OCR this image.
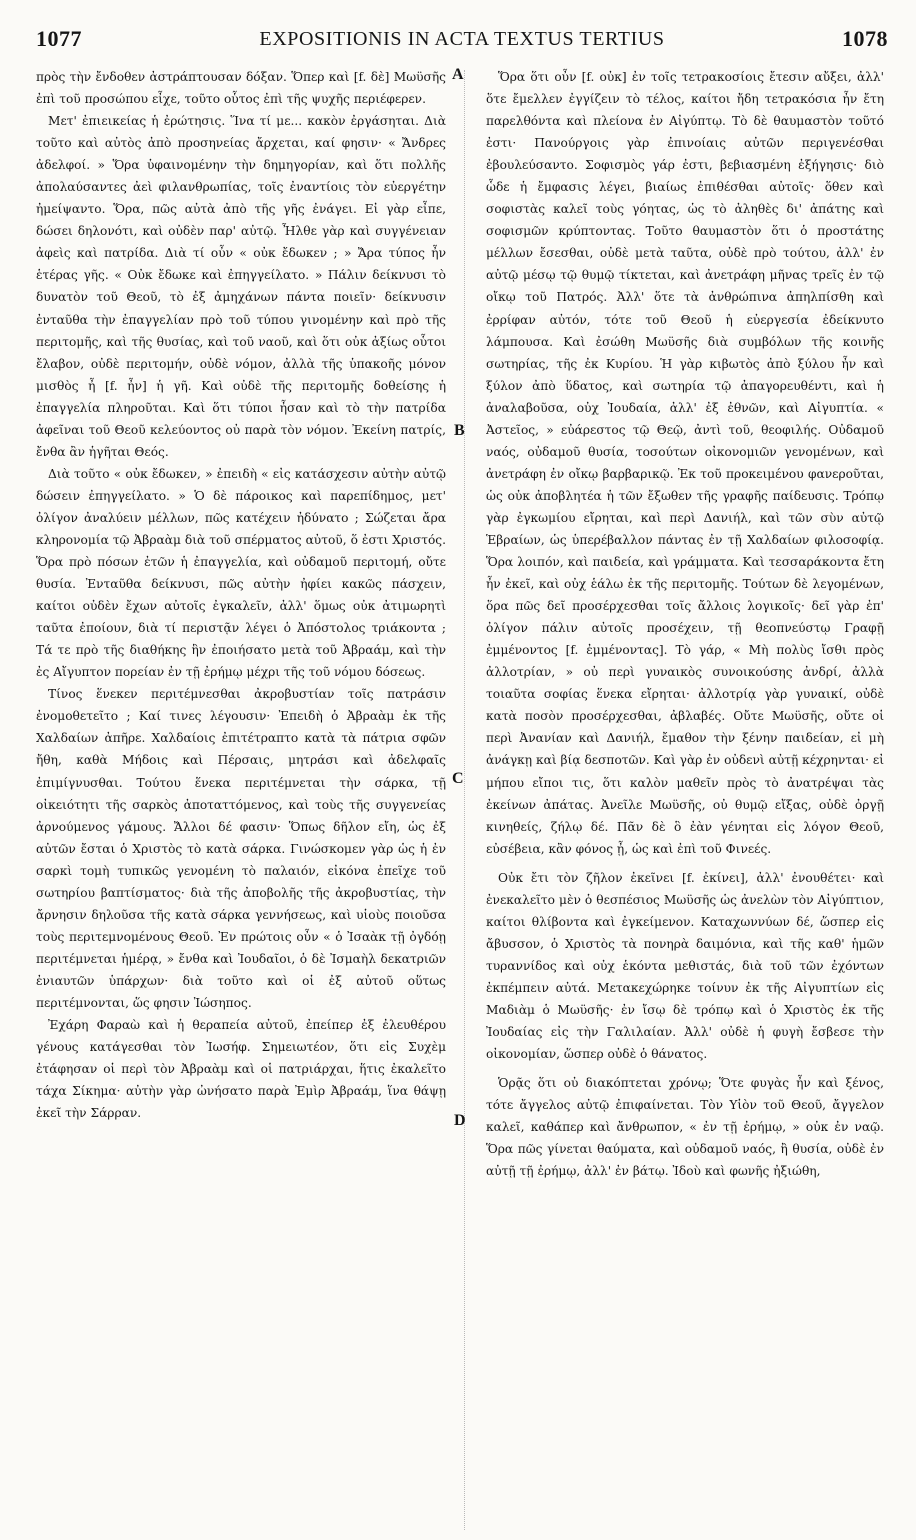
1077	EXPOSITIONIS IN ACTA TEXTUS TERTIUS	1078
A
B
C
D

πρὸς τὴν ἔνδοθεν ἀστράπτουσαν δόξαν. Ὅπερ καὶ [f. δὲ] Μωϋσῆς ἐπὶ τοῦ προσώπου εἶχε, τοῦτο οὗτος ἐπὶ τῆς ψυχῆς περιέφερεν.

Μετ' ἐπιεικείας ἡ ἐρώτησις. Ἵνα τί με... κακὸν ἐργάσηται. Διὰ τοῦτο καὶ αὐτὸς ἀπὸ προσηνείας ἄρχεται, καί φησιν· « Ἄνδρες ἀδελφοί. » Ὅρα ὑφαινομένην τὴν δημηγορίαν, καὶ ὅτι πολλῆς ἀπολαύσαντες ἀεὶ φιλανθρωπίας, τοῖς ἐναντίοις τὸν εὐεργέτην ἠμείψαντο. Ὅρα, πῶς αὐτὰ ἀπὸ τῆς γῆς ἐνάγει. Εἰ γὰρ εἶπε, δώσει δηλονότι, καὶ οὐδὲν παρ' αὐτῷ. Ἦλθε γὰρ καὶ συγγένειαν ἀφεὶς καὶ πατρίδα. Διὰ τί οὖν « οὐκ ἔδωκεν ; » Ἄρα τύπος ἦν ἑτέρας γῆς. « Οὐκ ἔδωκε καὶ ἐπηγγείλατο. » Πάλιν δείκνυσι τὸ δυνατὸν τοῦ Θεοῦ, τὸ ἐξ ἀμηχάνων πάντα ποιεῖν· δείκνυσιν ἐνταῦθα τὴν ἐπαγγελίαν πρὸ τοῦ τύπου γινομένην καὶ πρὸ τῆς περιτομῆς, καὶ τῆς θυσίας, καὶ τοῦ ναοῦ, καὶ ὅτι οὐκ ἀξίως οὗτοι ἔλαβον, οὐδὲ περιτομήν, οὐδὲ νόμον, ἀλλὰ τῆς ὑπακοῆς μόνον μισθὸς ἦ [f. ἦν] ἡ γῆ. Καὶ οὐδὲ τῆς περιτομῆς δοθείσης ἡ ἐπαγγελία πληροῦται. Καὶ ὅτι τύποι ἦσαν καὶ τὸ τὴν πατρίδα ἀφεῖναι τοῦ Θεοῦ κελεύοντος οὐ παρὰ τὸν νόμον. Ἐκείνη πατρίς, ἔνθα ἂν ἡγῆται Θεός.

Διὰ τοῦτο « οὐκ ἔδωκεν, » ἐπειδὴ « εἰς κατάσχεσιν αὐτὴν αὐτῷ δώσειν ἐπηγγείλατο. » Ὁ δὲ πάροικος καὶ παρεπίδημος, μετ' ὀλίγον ἀναλύειν μέλλων, πῶς κατέχειν ἠδύνατο ; Σώζεται ἄρα κληρονομία τῷ Ἀβραὰμ διὰ τοῦ σπέρματος αὐτοῦ, ὅ ἐστι Χριστός. Ὅρα πρὸ πόσων ἐτῶν ἡ ἐπαγγελία, καὶ οὐδαμοῦ περιτομή, οὔτε θυσία. Ἐνταῦθα δείκνυσι, πῶς αὐτὴν ἠφίει κακῶς πάσχειν, καίτοι οὐδὲν ἔχων αὐτοῖς ἐγκαλεῖν, ἀλλ' ὅμως οὐκ ἀτιμωρητὶ ταῦτα ἐποίουν, διὰ τί περιστᾷν λέγει ὁ Ἀπόστολος τριάκοντα ; Τά τε πρὸ τῆς διαθήκης ἣν ἐποιήσατο μετὰ τοῦ Ἀβραάμ, καὶ τὴν ἐς Αἴγυπτον πορείαν ἐν τῇ ἐρήμῳ μέχρι τῆς τοῦ νόμου δόσεως.

Τίνος ἕνεκεν περιτέμνεσθαι ἀκροβυστίαν τοῖς πατράσιν ἐνομοθετεῖτο ; Καί τινες λέγουσιν· Ἐπειδὴ ὁ Ἀβραὰμ ἐκ τῆς Χαλδαίων ἀπῆρε. Χαλδαίοις ἐπιτέτραπτο κατὰ τὰ πάτρια σφῶν ἤθη, καθὰ Μήδοις καὶ Πέρσαις, μητράσι καὶ ἀδελφαῖς ἐπιμίγνυσθαι. Τούτου ἕνεκα περιτέμνεται τὴν σάρκα, τῇ οἰκειότητι τῆς σαρκὸς ἀποταττόμενος, καὶ τοὺς τῆς συγγενείας ἀρνούμενος γάμους. Ἄλλοι δέ φασιν· Ὅπως δῆλον εἴη, ὡς ἐξ αὐτῶν ἔσται ὁ Χριστὸς τὸ κατὰ σάρκα. Γινώσκομεν γὰρ ὡς ἡ ἐν σαρκὶ τομὴ τυπικῶς γενομένη τὸ παλαιόν, εἰκόνα ἐπεῖχε τοῦ σωτηρίου βαπτίσματος· διὰ τῆς ἀποβολῆς τῆς ἀκροβυστίας, τὴν ἄρνησιν δηλοῦσα τῆς κατὰ σάρκα γεννήσεως, καὶ υἱοὺς ποιοῦσα τοὺς περιτεμνομένους Θεοῦ. Ἐν πρώτοις οὖν « ὁ Ἰσαὰκ τῇ ὀγδόῃ περιτέμνεται ἡμέρᾳ, » ἔνθα καὶ Ἰουδαῖοι, ὁ δὲ Ἰσμαὴλ δεκατριῶν ἐνιαυτῶν ὑπάρχων· διὰ τοῦτο καὶ οἱ ἐξ αὐτοῦ οὕτως περιτέμνονται, ὥς φησιν Ἰώσηπος.

Ἐχάρη Φαραὼ καὶ ἡ θεραπεία αὐτοῦ, ἐπείπερ ἐξ ἐλευθέρου γένους κατάγεσθαι τὸν Ἰωσήφ. Σημειωτέον, ὅτι εἰς Συχὲμ ἐτάφησαν οἱ περὶ τὸν Ἀβραὰμ καὶ οἱ πατριάρχαι, ἥτις ἐκαλεῖτο τάχα Σίκημα· αὐτὴν γὰρ ὠνήσατο παρὰ Ἐμὶρ Ἀβραάμ, ἵνα θάψῃ ἐκεῖ τὴν Σάρραν.

Ὅρα ὅτι οὖν [f. οὐκ] ἐν τοῖς τετρακοσίοις ἔτεσιν αὔξει, ἀλλ' ὅτε ἔμελλεν ἐγγίζειν τὸ τέλος, καίτοι ἤδη τετρακόσια ἦν ἔτη παρελθόντα καὶ πλείονα ἐν Αἰγύπτῳ. Τὸ δὲ θαυμαστὸν τοῦτό ἐστι· Πανούργοις γὰρ ἐπινοίαις αὐτῶν περιγενέσθαι ἐβουλεύσαντο. Σοφισμὸς γάρ ἐστι, βεβιασμένη ἐξήγησις· διὸ ὧδε ἡ ἔμφασις λέγει, βιαίως ἐπιθέσθαι αὐτοῖς· ὅθεν καὶ σοφιστὰς καλεῖ τοὺς γόητας, ὡς τὸ ἀληθὲς δι' ἀπάτης καὶ σοφισμῶν κρύπτοντας. Τοῦτο θαυμαστὸν ὅτι ὁ προστάτης μέλλων ἔσεσθαι, οὐδὲ μετὰ ταῦτα, οὐδὲ πρὸ τούτου, ἀλλ' ἐν αὐτῷ μέσῳ τῷ θυμῷ τίκτεται, καὶ ἀνετράφη μῆνας τρεῖς ἐν τῷ οἴκῳ τοῦ Πατρός. Ἀλλ' ὅτε τὰ ἀνθρώπινα ἀπηλπίσθη καὶ ἐρρίφαν αὐτόν, τότε τοῦ Θεοῦ ἡ εὐεργεσία ἐδείκνυτο λάμπουσα. Καὶ ἐσώθη Μωϋσῆς διὰ συμβόλων τῆς κοινῆς σωτηρίας, τῆς ἐκ Κυρίου. Ἡ γὰρ κιβωτὸς ἀπὸ ξύλου ἦν καὶ ξύλον ἀπὸ ὕδατος, καὶ σωτηρία τῷ ἀπαγορευθέντι, καὶ ἡ ἀναλαβοῦσα, οὐχ Ἰουδαία, ἀλλ' ἐξ ἐθνῶν, καὶ Αἰγυπτία. « Ἀστεῖος, » εὐάρεστος τῷ Θεῷ, ἀντὶ τοῦ, θεοφιλής. Οὐδαμοῦ ναός, οὐδαμοῦ θυσία, τοσούτων οἰκονομιῶν γενομένων, καὶ ἀνετράφη ἐν οἴκῳ βαρβαρικῷ. Ἐκ τοῦ προκειμένου φανεροῦται, ὡς οὐκ ἀποβλητέα ἡ τῶν ἔξωθεν τῆς γραφῆς παίδευσις. Τρόπῳ γὰρ ἐγκωμίου εἴρηται, καὶ περὶ Δανιήλ, καὶ τῶν σὺν αὐτῷ Ἑβραίων, ὡς ὑπερέβαλλον πάντας ἐν τῇ Χαλδαίων φιλοσοφίᾳ. Ὅρα λοιπόν, καὶ παιδεία, καὶ γράμματα. Καὶ τεσσαράκοντα ἔτη ἦν ἐκεῖ, καὶ οὐχ ἑάλω ἐκ τῆς περιτομῆς. Τούτων δὲ λεγομένων, ὅρα πῶς δεῖ προσέρχεσθαι τοῖς ἄλλοις λογικοῖς· δεῖ γὰρ ἐπ' ὀλίγον πάλιν αὐτοῖς προσέχειν, τῇ θεοπνεύστῳ Γραφῇ ἐμμένοντος [f. ἐμμένοντας]. Τὸ γάρ, « Μὴ πολὺς ἴσθι πρὸς ἀλλοτρίαν, » οὐ περὶ γυναικὸς συνοικούσης ἀνδρί, ἀλλὰ τοιαῦτα σοφίας ἕνεκα εἴρηται· ἀλλοτρίᾳ γὰρ γυναικί, οὐδὲ κατὰ ποσὸν προσέρχεσθαι, ἀβλαβές. Οὔτε Μωϋσῆς, οὔτε οἱ περὶ Ἀνανίαν καὶ Δανιήλ, ἔμαθον τὴν ξένην παιδείαν, εἰ μὴ ἀνάγκῃ καὶ βίᾳ δεσποτῶν. Καὶ γὰρ ἐν οὐδενὶ αὐτῇ κέχρηνται· εἰ μήπου εἴποι τις, ὅτι καλὸν μαθεῖν πρὸς τὸ ἀνατρέψαι τὰς ἐκείνων ἀπάτας. Ἀνεῖλε Μωϋσῆς, οὐ θυμῷ εἴξας, οὐδὲ ὀργῇ κινηθείς, ζήλῳ δέ. Πᾶν δὲ ὃ ἐὰν γένηται εἰς λόγον Θεοῦ, εὐσέβεια, κἂν φόνος ᾖ, ὡς καὶ ἐπὶ τοῦ Φινεές.

Οὐκ ἔτι τὸν ζῆλον ἐκεῖνει [f. ἐκίνει], ἀλλ' ἐνουθέτει· καὶ ἐνεκαλεῖτο μὲν ὁ θεσπέσιος Μωϋσῆς ὡς ἀνελὼν τὸν Αἰγύπτιον, καίτοι θλίβοντα καὶ ἐγκείμενον. Καταχωννύων δέ, ὥσπερ εἰς ἄβυσσον, ὁ Χριστὸς τὰ πονηρὰ δαιμόνια, καὶ τῆς καθ' ἡμῶν τυραννίδος καὶ οὐχ ἑκόντα μεθιστάς, διὰ τοῦ τῶν ἐχόντων ἐκπέμπειν αὐτά. Μετακεχώρηκε τοίνυν ἐκ τῆς Αἰγυπτίων εἰς Μαδιὰμ ὁ Μωϋσῆς· ἐν ἴσῳ δὲ τρόπῳ καὶ ὁ Χριστὸς ἐκ τῆς Ἰουδαίας εἰς τὴν Γαλιλαίαν. Ἀλλ' οὐδὲ ἡ φυγὴ ἔσβεσε τὴν οἰκονομίαν, ὥσπερ οὐδὲ ὁ θάνατος.

Ὁρᾷς ὅτι οὐ διακόπτεται χρόνῳ; Ὅτε φυγὰς ἦν καὶ ξένος, τότε ἄγγελος αὐτῷ ἐπιφαίνεται. Τὸν Υἱὸν τοῦ Θεοῦ, ἄγγελον καλεῖ, καθάπερ καὶ ἄνθρωπον, « ἐν τῇ ἐρήμῳ, » οὐκ ἐν ναῷ. Ὅρα πῶς γίνεται θαύματα, καὶ οὐδαμοῦ ναός, ἢ θυσία, οὐδὲ ἐν αὐτῇ τῇ ἐρήμῳ, ἀλλ' ἐν βάτῳ. Ἰδοὺ καὶ φωνῆς ἠξιώθη,
